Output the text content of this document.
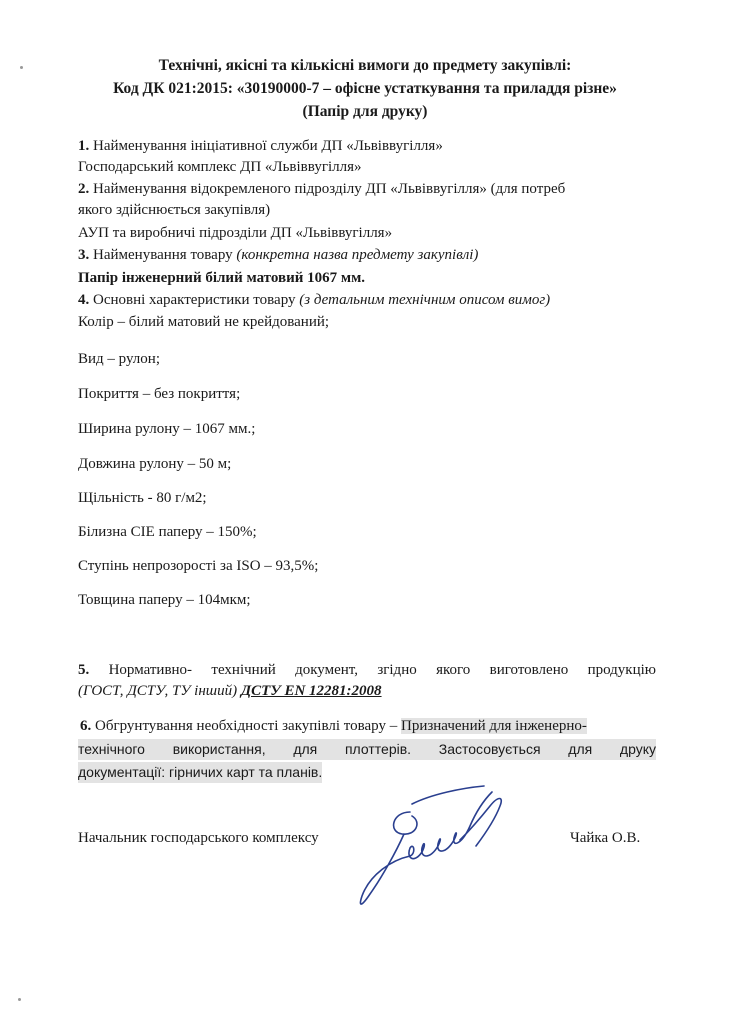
Технічні, якісні та кількісні вимоги до предмету закупівлі:
Код ДК 021:2015: «30190000-7 – офісне устаткування та приладдя різне»
(Папір для друку)
1. Найменування ініціативної служби ДП «Львіввугілля»
Господарський комплекс ДП «Львіввугілля»
2. Найменування відокремленого підрозділу ДП «Львіввугілля» (для потреб
якого здійснюється закупівля)
АУП та виробничі підрозділи ДП «Львіввугілля»
3. Найменування товару (конкретна назва предмету закупівлі)
Папір інженерний білий матовий 1067 мм.
4. Основні характеристики товару (з детальним технічним описом вимог)
Колір – білий матовий не крейдований;
Вид – рулон;
Покриття – без покриття;
Ширина рулону – 1067 мм.;
Довжина рулону – 50 м;
Щільність - 80 г/м2;
Білизна CIE паперу – 150%;
Ступінь непрозорості за ISO – 93,5%;
Товщина паперу – 104мкм;
5. Нормативно- технічний документ, згідно якого виготовлено продукцію
(ГОСТ, ДСТУ, ТУ інший) ДСТУ EN 12281:2008
6. Обгрунтування необхідності закупівлі товару – Призначений для інженерно-
технічного використання, для плоттерів. Застосовується для друку
документації: гірничих карт та планів.
Начальник господарського комплексу	Чайка О.В.
